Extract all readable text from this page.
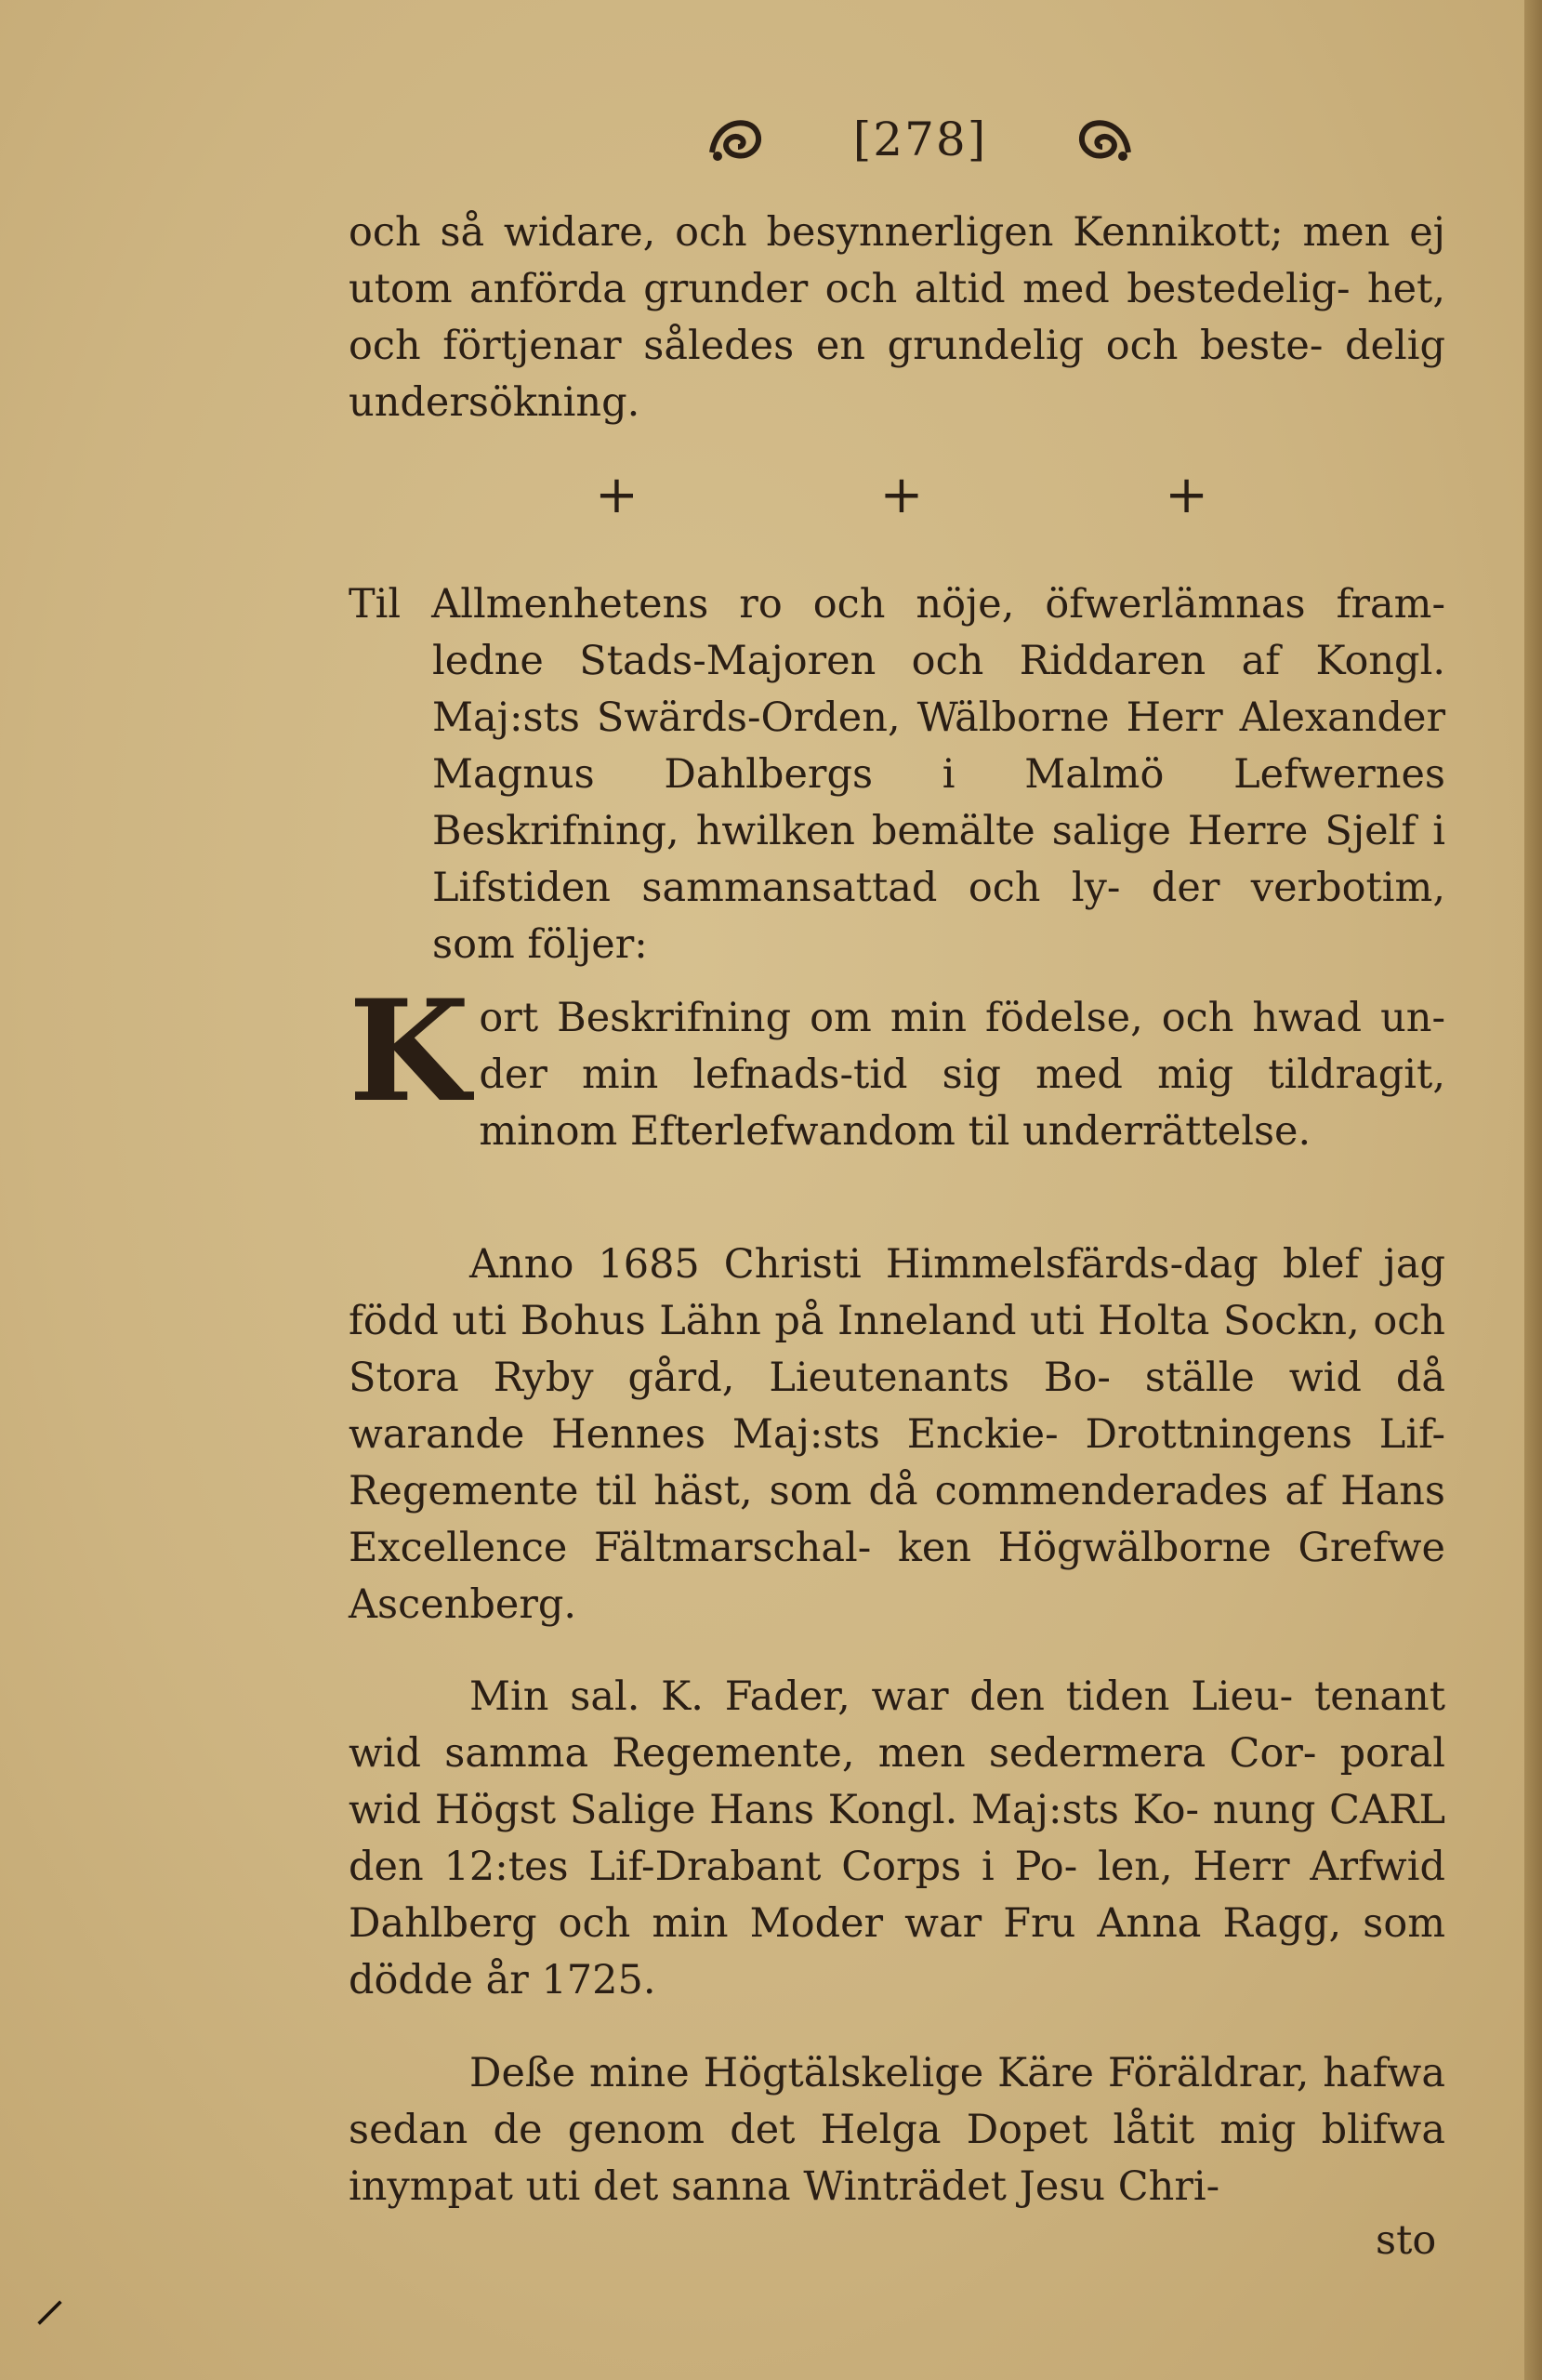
[278]

och så widare, och besynnerligen Kennikott; men ej utom anförda grunder och altid med bestedelig- het, och förtjenar således en grundelig och beste- delig undersökning.

+	+	+

Til Allmenhetens ro och nöje, öfwerlämnas fram- ledne Stads-Majoren och Riddaren af Kongl. Maj:sts Swärds-Orden, Wälborne Herr Alexander Magnus Dahlbergs i Malmö Lefwernes Beskrifning, hwilken bemälte salige Herre Sjelf i Lifstiden sammansattad och ly- der verbotim, som följer:

K ort Beskrifning om min födelse, och hwad un- der min lefnads-tid sig med mig tildragit, minom Efterlefwandom til underrättelse.

Anno 1685 Christi Himmelsfärds-dag blef jag född uti Bohus Lähn på Inneland uti Holta Sockn, och Stora Ryby gård, Lieutenants Bo- ställe wid då warande Hennes Maj:sts Enckie- Drottningens Lif-Regemente til häst, som då commenderades af Hans Excellence Fältmarschal- ken Högwälborne Grefwe Ascenberg.

Min sal. K. Fader, war den tiden Lieu- tenant wid samma Regemente, men sedermera Cor- poral wid Högst Salige Hans Kongl. Maj:sts Ko- nung CARL den 12:tes Lif-Drabant Corps i Po- len, Herr Arfwid Dahlberg och min Moder war Fru Anna Ragg, som dödde år 1725.

Deße mine Högtälskelige Käre Föräldrar, hafwa sedan de genom det Helga Dopet låtit mig blifwa inympat uti det sanna Winträdet Jesu Chri-

sto
⸝
